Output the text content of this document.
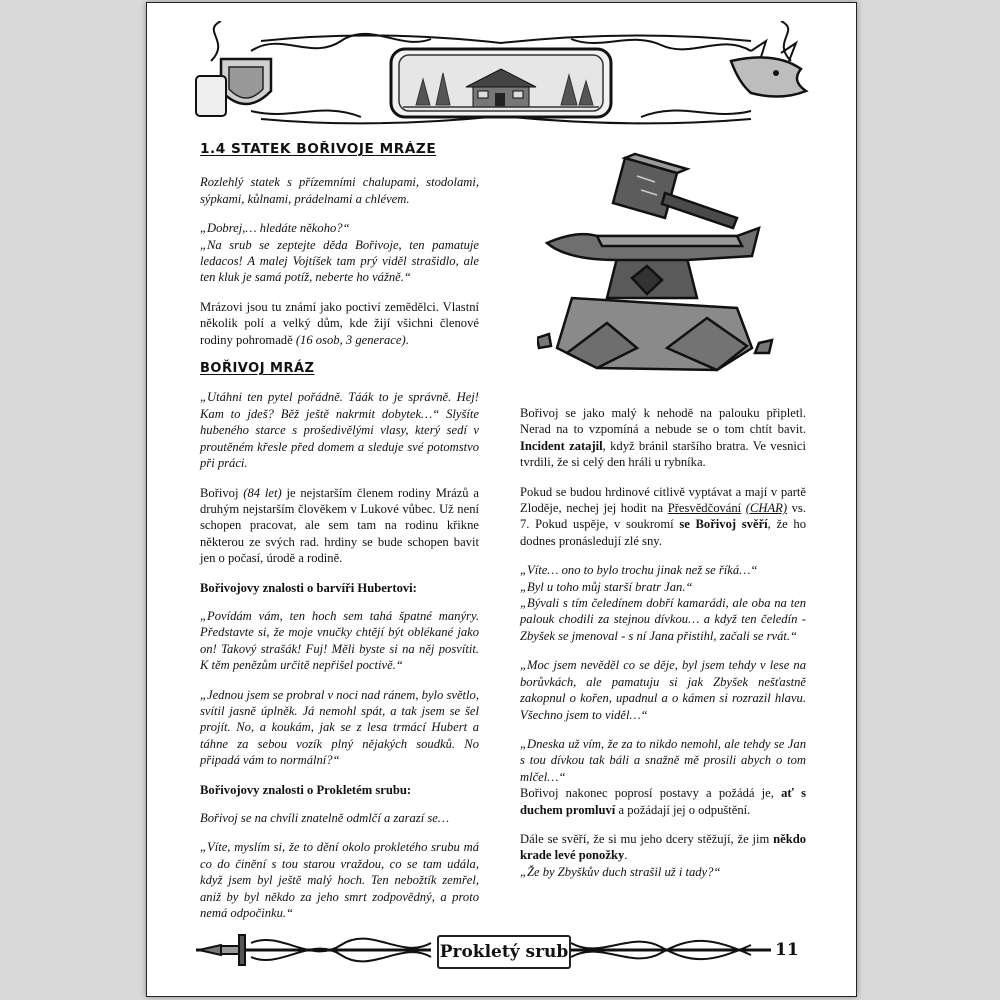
1.4 STATEK BOŘIVOJE MRÁZE

Rozlehlý statek s přízemními chalupami, stodolami, sýpkami, kůlnami, prádelnami a chlévem.

„Dobrej,… hledáte někoho?“
„Na srub se zeptejte děda Bořivoje, ten pamatuje ledacos! A malej Vojtíšek tam prý viděl strašidlo, ale ten kluk je samá potíž, neberte ho vážně.“

Mrázovi jsou tu známí jako poctiví zemědělci. Vlastní několik polí a velký dům, kde žijí všichni členové rodiny pohromadě (16 osob, 3 generace).

BOŘIVOJ MRÁZ

„Utáhni ten pytel pořádně. Táák to je správně. Hej! Kam to jdeš? Běž ještě nakrmit dobytek…“ Slyšíte hubeného starce s prošedivělými vlasy, který sedí v proutěném křesle před domem a sleduje své potomstvo při práci.

Bořivoj (84 let) je nejstarším členem rodiny Mrázů a druhým nejstarším člověkem v Lukové vůbec. Už není schopen pracovat, ale sem tam na rodinu křikne některou ze svých rad. hrdiny se bude schopen bavit jen o počasí, úrodě a rodině.

Bořivojovy znalosti o barvíři Hubertovi:

„Povídám vám, ten hoch sem tahá špatné manýry. Představte si, že moje vnučky chtějí být oblékané jako on! Takový strašák! Fuj! Měli byste si na něj posvítit. K těm penězům určitě nepřišel poctivě.“

„Jednou jsem se probral v noci nad ránem, bylo světlo, svítil jasně úplněk. Já nemohl spát, a tak jsem se šel projít. No, a koukám, jak se z lesa trmácí Hubert a táhne za sebou vozík plný nějakých soudků. No připadá vám to normální?“

Bořivojovy znalosti o Prokletém srubu:

Bořivoj se na chvíli znatelně odmlčí a zarazí se…

„Víte, myslím si, že to dění okolo prokletého srubu má co do činění s tou starou vraždou, co se tam udála, když jsem byl ještě malý hoch. Ten nebožtík zemřel, aniž by byl někdo za jeho smrt zodpovědný, a proto nemá odpočinku.“

Bořivoj se jako malý k nehodě na palouku připletl. Nerad na to vzpomíná a nebude se o tom chtít bavit. Incident zatajil, když bránil staršího bratra. Ve vesnici tvrdili, že si celý den hráli u rybníka.

Pokud se budou hrdinové citlivě vyptávat a mají v partě Zloděje, nechej jej hodit na Přesvědčování (CHAR) vs. 7. Pokud uspěje, v soukromí se Bořivoj svěří, že ho dodnes pronásledují zlé sny.

„Víte… ono to bylo trochu jinak než se říká…“
„Byl u toho můj starší bratr Jan.“
„Bývali s tím čeledínem dobří kamarádi, ale oba na ten palouk chodili za stejnou dívkou… a když ten čeledín - Zbyšek se jmenoval - s ní Jana přistihl, začali se rvát.“

„Moc jsem nevěděl co se děje, byl jsem tehdy v lese na borůvkách, ale pamatuju si jak Zbyšek nešťastně zakopnul o kořen, upadnul a o kámen si rozrazil hlavu. Všechno jsem to viděl…“

„Dneska už vím, že za to nikdo nemohl, ale tehdy se Jan s tou dívkou tak báli a snažně mě prosili abych o tom mlčel…“

Bořivoj nakonec poprosí postavy a požádá je, ať s duchem promluví a požádají jej o odpuštění.

Dále se svěří, že si mu jeho dcery stěžují, že jim někdo krade levé ponožky.

„Že by Zbyškův duch strašil už i tady?“

Prokletý srub	11
